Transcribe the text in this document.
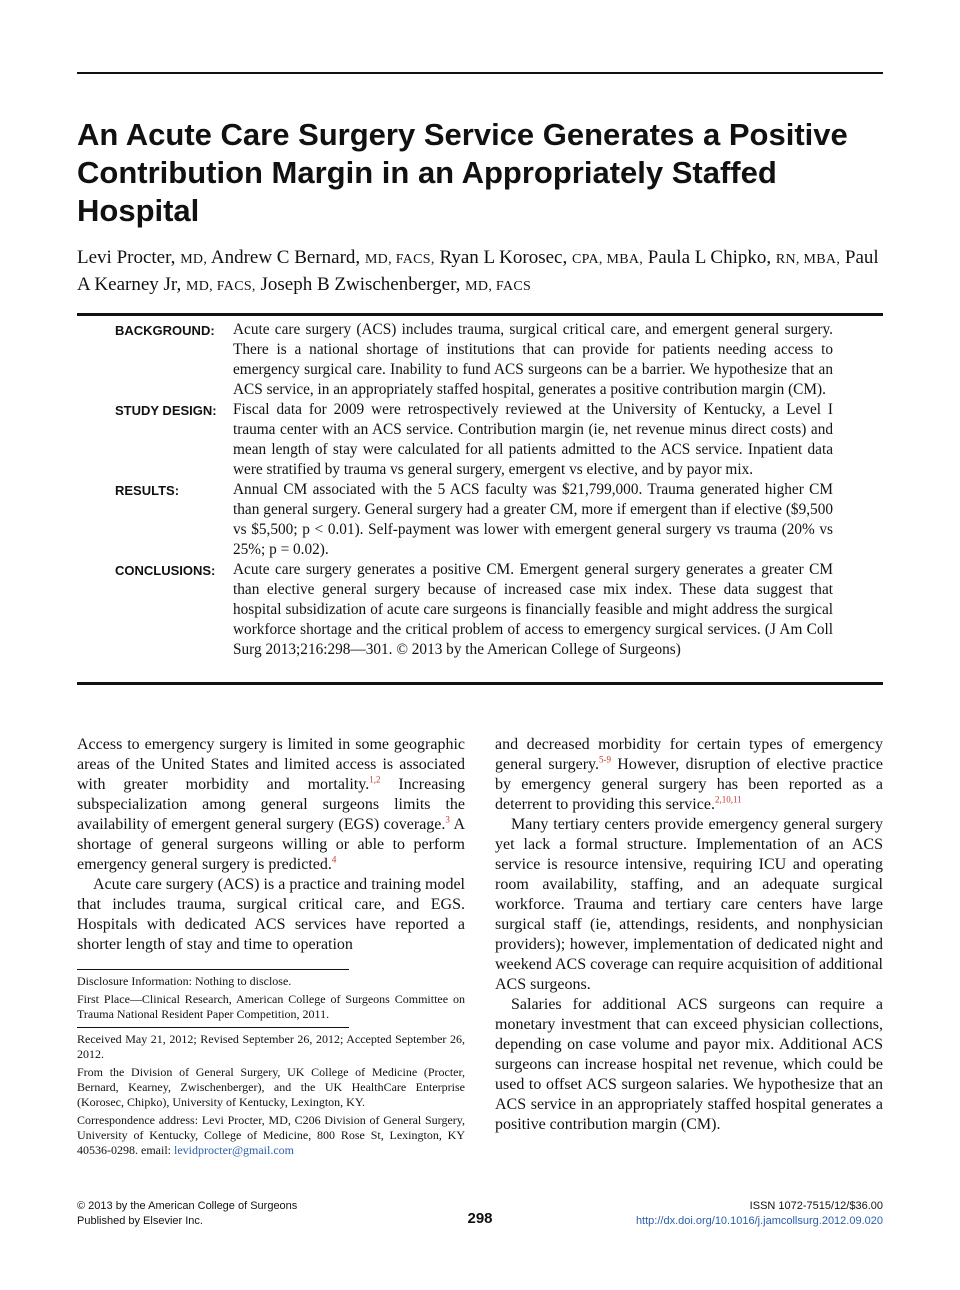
An Acute Care Surgery Service Generates a Positive Contribution Margin in an Appropriately Staffed Hospital

Levi Procter, MD, Andrew C Bernard, MD, FACS, Ryan L Korosec, CPA, MBA, Paula L Chipko, RN, MBA, Paul A Kearney Jr, MD, FACS, Joseph B Zwischenberger, MD, FACS

BACKGROUND:	Acute care surgery (ACS) includes trauma, surgical critical care, and emergent general surgery. There is a national shortage of institutions that can provide for patients needing access to emergency surgical care. Inability to fund ACS surgeons can be a barrier. We hypothesize that an ACS service, in an appropriately staffed hospital, generates a positive contribution margin (CM).
STUDY DESIGN:	Fiscal data for 2009 were retrospectively reviewed at the University of Kentucky, a Level I trauma center with an ACS service. Contribution margin (ie, net revenue minus direct costs) and mean length of stay were calculated for all patients admitted to the ACS service. Inpatient data were stratified by trauma vs general surgery, emergent vs elective, and by payor mix.
RESULTS:	Annual CM associated with the 5 ACS faculty was $21,799,000. Trauma generated higher CM than general surgery. General surgery had a greater CM, more if emergent than if elective ($9,500 vs $5,500; p < 0.01). Self-payment was lower with emergent general surgery vs trauma (20% vs 25%; p = 0.02).
CONCLUSIONS:	Acute care surgery generates a positive CM. Emergent general surgery generates a greater CM than elective general surgery because of increased case mix index. These data suggest that hospital subsidization of acute care surgeons is financially feasible and might address the surgical workforce shortage and the critical problem of access to emergency surgical services. (J Am Coll Surg 2013;216:298—301. © 2013 by the American College of Surgeons)

Access to emergency surgery is limited in some geographic areas of the United States and limited access is associated with greater morbidity and mortality.$^{1,2}$ Increasing subspecialization among general surgeons limits the availability of emergent general surgery (EGS) coverage.$^3$ A shortage of general surgeons willing or able to perform emergency general surgery is predicted.$^4$

Acute care surgery (ACS) is a practice and training model that includes trauma, surgical critical care, and EGS. Hospitals with dedicated ACS services have reported a shorter length of stay and time to operation

Disclosure Information: Nothing to disclose.

First Place—Clinical Research, American College of Surgeons Committee on Trauma National Resident Paper Competition, 2011.

Received May 21, 2012; Revised September 26, 2012; Accepted September 26, 2012.

From the Division of General Surgery, UK College of Medicine (Procter, Bernard, Kearney, Zwischenberger), and the UK HealthCare Enterprise (Korosec, Chipko), University of Kentucky, Lexington, KY.

Correspondence address: Levi Procter, MD, C206 Division of General Surgery, University of Kentucky, College of Medicine, 800 Rose St, Lexington, KY 40536-0298. email: levidprocter@gmail.com

and decreased morbidity for certain types of emergency general surgery.$^{5-9}$ However, disruption of elective practice by emergency general surgery has been reported as a deterrent to providing this service.$^{2,10,11}$

Many tertiary centers provide emergency general surgery yet lack a formal structure. Implementation of an ACS service is resource intensive, requiring ICU and operating room availability, staffing, and an adequate surgical workforce. Trauma and tertiary care centers have large surgical staff (ie, attendings, residents, and nonphysician providers); however, implementation of dedicated night and weekend ACS coverage can require acquisition of additional ACS surgeons.

Salaries for additional ACS surgeons can require a monetary investment that can exceed physician collections, depending on case volume and payor mix. Additional ACS surgeons can increase hospital net revenue, which could be used to offset ACS surgeon salaries. We hypothesize that an ACS service in an appropriately staffed hospital generates a positive contribution margin (CM).

© 2013 by the American College of Surgeons
Published by Elsevier Inc.	298
ISSN 1072-7515/12/$36.00
http://dx.doi.org/10.1016/j.jamcollsurg.2012.09.020
